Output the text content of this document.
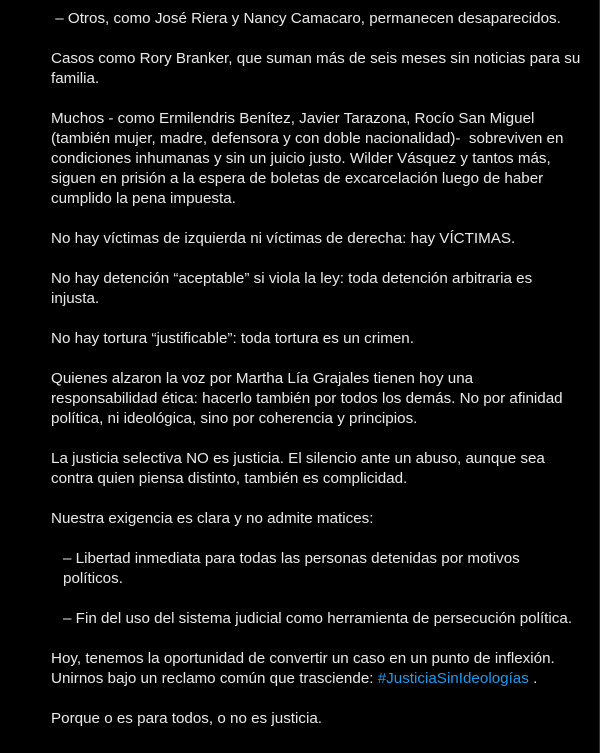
– Otros, como José Riera y Nancy Camacaro, permanecen desaparecidos.

Casos como Rory Branker, que suman más de seis meses sin noticias para su familia.

Muchos - como Ermilendris Benítez, Javier Tarazona, Rocío San Miguel (también mujer, madre, defensora y con doble nacionalidad)-  sobreviven en condiciones inhumanas y sin un juicio justo. Wilder Vásquez y tantos más, siguen en prisión a la espera de boletas de excarcelación luego de haber cumplido la pena impuesta.

No hay víctimas de izquierda ni víctimas de derecha: hay VÍCTIMAS.

No hay detención “aceptable” si viola la ley: toda detención arbitraria es injusta.

No hay tortura “justificable”: toda tortura es un crimen.

Quienes alzaron la voz por Martha Lía Grajales tienen hoy una responsabilidad ética: hacerlo también por todos los demás. No por afinidad política, ni ideológica, sino por coherencia y principios.

La justicia selectiva NO es justicia. El silencio ante un abuso, aunque sea contra quien piensa distinto, también es complicidad.

Nuestra exigencia es clara y no admite matices:

– Libertad inmediata para todas las personas detenidas por motivos políticos.

– Fin del uso del sistema judicial como herramienta de persecución política.

Hoy, tenemos la oportunidad de convertir un caso en un punto de inflexión. Unirnos bajo un reclamo común que trasciende: #JusticiaSinIdeologías .

Porque o es para todos, o no es justicia.
